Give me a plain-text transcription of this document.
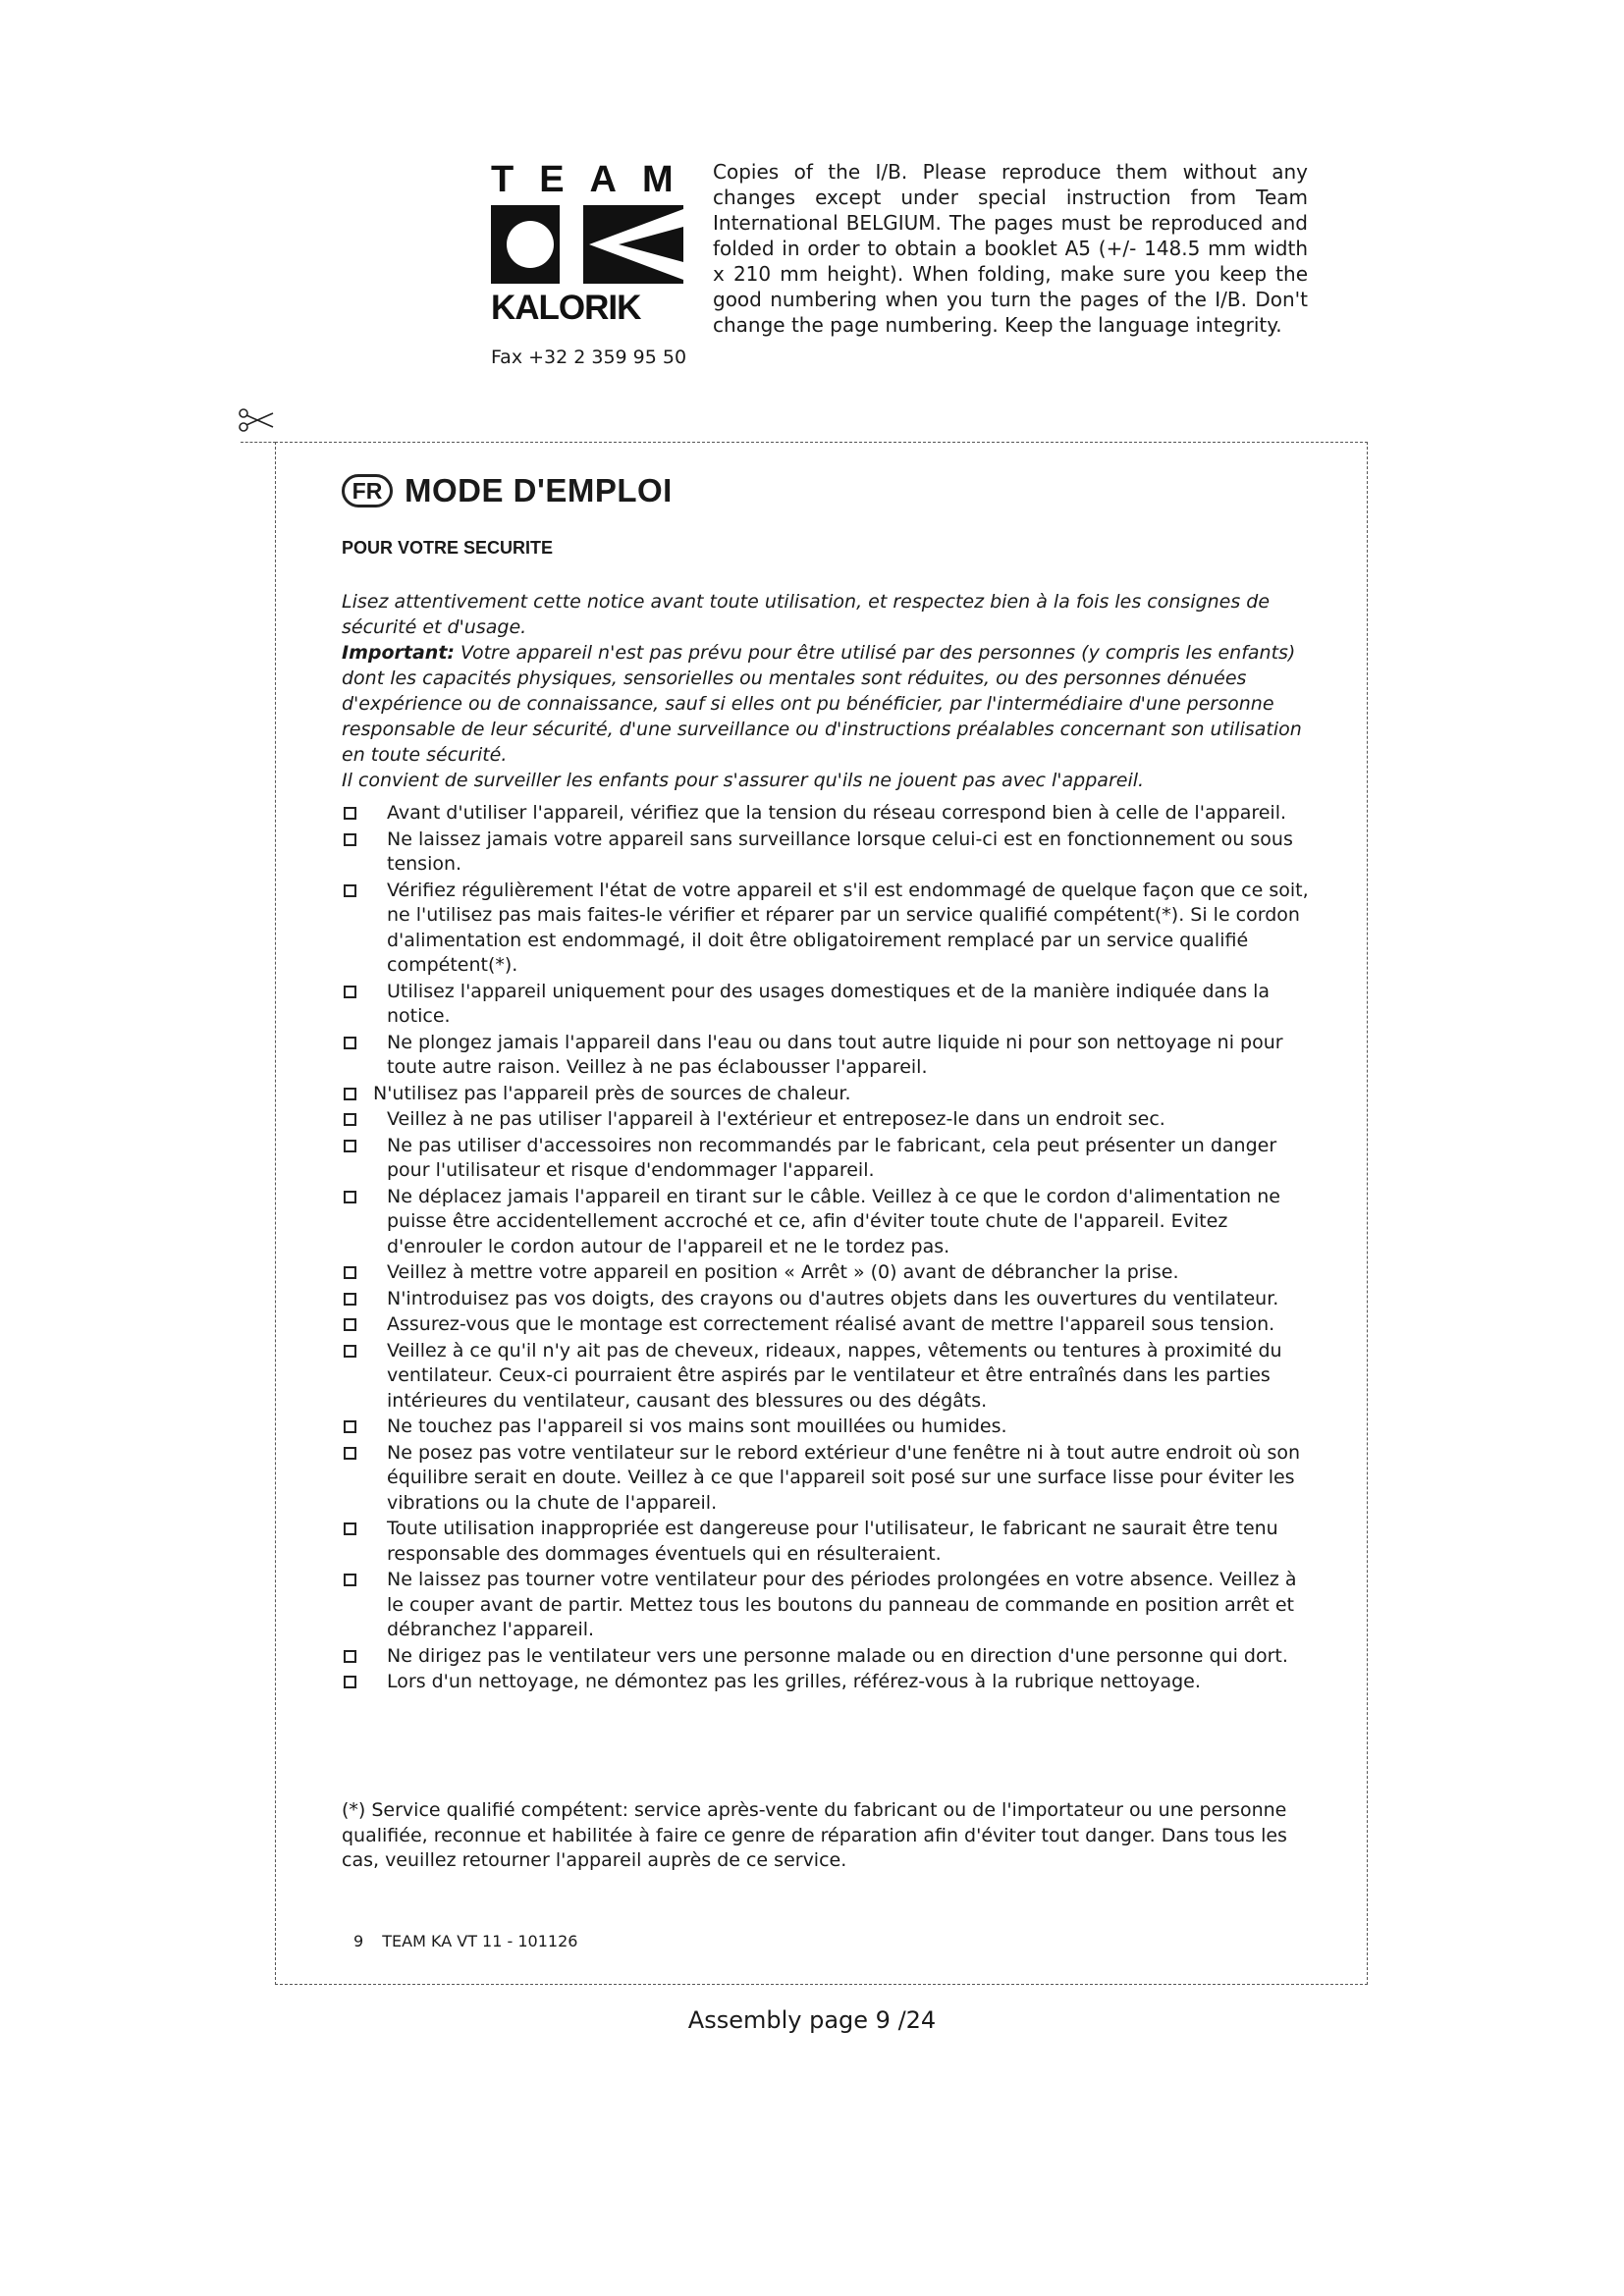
TEAM
KALORIK
Fax +32 2 359 95 50
Copies of the I/B. Please reproduce them without any changes except under special instruction from Team International BELGIUM. The pages must be reproduced and folded in order to obtain a booklet A5 (+/- 148.5 mm width x 210 mm height). When folding, make sure you keep the good numbering when you turn the pages of the I/B. Don't change the page numbering. Keep the language integrity.
FR MODE D'EMPLOI
POUR VOTRE SECURITE

Lisez attentivement cette notice avant toute utilisation, et respectez bien à la fois les consignes de sécurité et d'usage.

Important: Votre appareil n'est pas prévu pour être utilisé par des personnes (y compris les enfants) dont les capacités physiques, sensorielles ou mentales sont réduites, ou des personnes dénuées d'expérience ou de connaissance, sauf si elles ont pu bénéficier, par l'intermédiaire d'une personne responsable de leur sécurité, d'une surveillance ou d'instructions préalables concernant son utilisation en toute sécurité.

Il convient de surveiller les enfants pour s'assurer qu'ils ne jouent pas avec l'appareil.

Avant d'utiliser l'appareil, vérifiez que la tension du réseau correspond bien à celle de l'appareil.
Ne laissez jamais votre appareil sans surveillance lorsque celui-ci est en fonctionnement ou sous tension.
Vérifiez régulièrement l'état de votre appareil et s'il est endommagé de quelque façon que ce soit, ne l'utilisez pas mais faites-le vérifier et réparer par un service qualifié compétent(*). Si le cordon d'alimentation est endommagé, il doit être obligatoirement remplacé par un service qualifié compétent(*).
Utilisez l'appareil uniquement pour des usages domestiques et de la manière indiquée dans la notice.
Ne plongez jamais l'appareil dans l'eau ou dans tout autre liquide ni pour son nettoyage ni pour toute autre raison. Veillez à ne pas éclabousser l'appareil.
N'utilisez pas l'appareil près de sources de chaleur.
Veillez à ne pas utiliser l'appareil à l'extérieur et entreposez-le dans un endroit sec.
Ne pas utiliser d'accessoires non recommandés par le fabricant, cela peut présenter un danger pour l'utilisateur et risque d'endommager l'appareil.
Ne déplacez jamais l'appareil en tirant sur le câble. Veillez à ce que le cordon d'alimentation ne puisse être accidentellement accroché et ce, afin d'éviter toute chute de l'appareil. Evitez d'enrouler le cordon autour de l'appareil et ne le tordez pas.
Veillez à mettre votre appareil en position « Arrêt » (0) avant de débrancher la prise.
N'introduisez pas vos doigts, des crayons ou d'autres objets dans les ouvertures du ventilateur.
Assurez-vous que le montage est correctement réalisé avant de mettre l'appareil sous tension.
Veillez à ce qu'il n'y ait pas de cheveux, rideaux, nappes, vêtements ou tentures à proximité du ventilateur. Ceux-ci pourraient être aspirés par le ventilateur et être entraînés dans les parties intérieures du ventilateur, causant des blessures ou des dégâts.
Ne touchez pas l'appareil si vos mains sont mouillées ou humides.
Ne posez pas votre ventilateur sur le rebord extérieur d'une fenêtre ni à tout autre endroit où son équilibre serait en doute. Veillez à ce que l'appareil soit posé sur une surface lisse pour éviter les vibrations ou la chute de l'appareil.
Toute utilisation inappropriée est dangereuse pour l'utilisateur, le fabricant ne saurait être tenu responsable des dommages éventuels qui en résulteraient.
Ne laissez pas tourner votre ventilateur pour des périodes prolongées en votre absence. Veillez à le couper avant de partir. Mettez tous les boutons du panneau de commande en position arrêt et débranchez l'appareil.
Ne dirigez pas le ventilateur vers une personne malade ou en direction d'une personne qui dort.
Lors d'un nettoyage, ne démontez pas les grilles, référez-vous à la rubrique nettoyage.
(*) Service qualifié compétent: service après-vente du fabricant ou de l'importateur ou une personne qualifiée, reconnue et habilitée à faire ce genre de réparation afin d'éviter tout danger. Dans tous les cas, veuillez retourner l'appareil auprès de ce service.
9 TEAM KA VT 11 - 101126
Assembly page 9 /24
